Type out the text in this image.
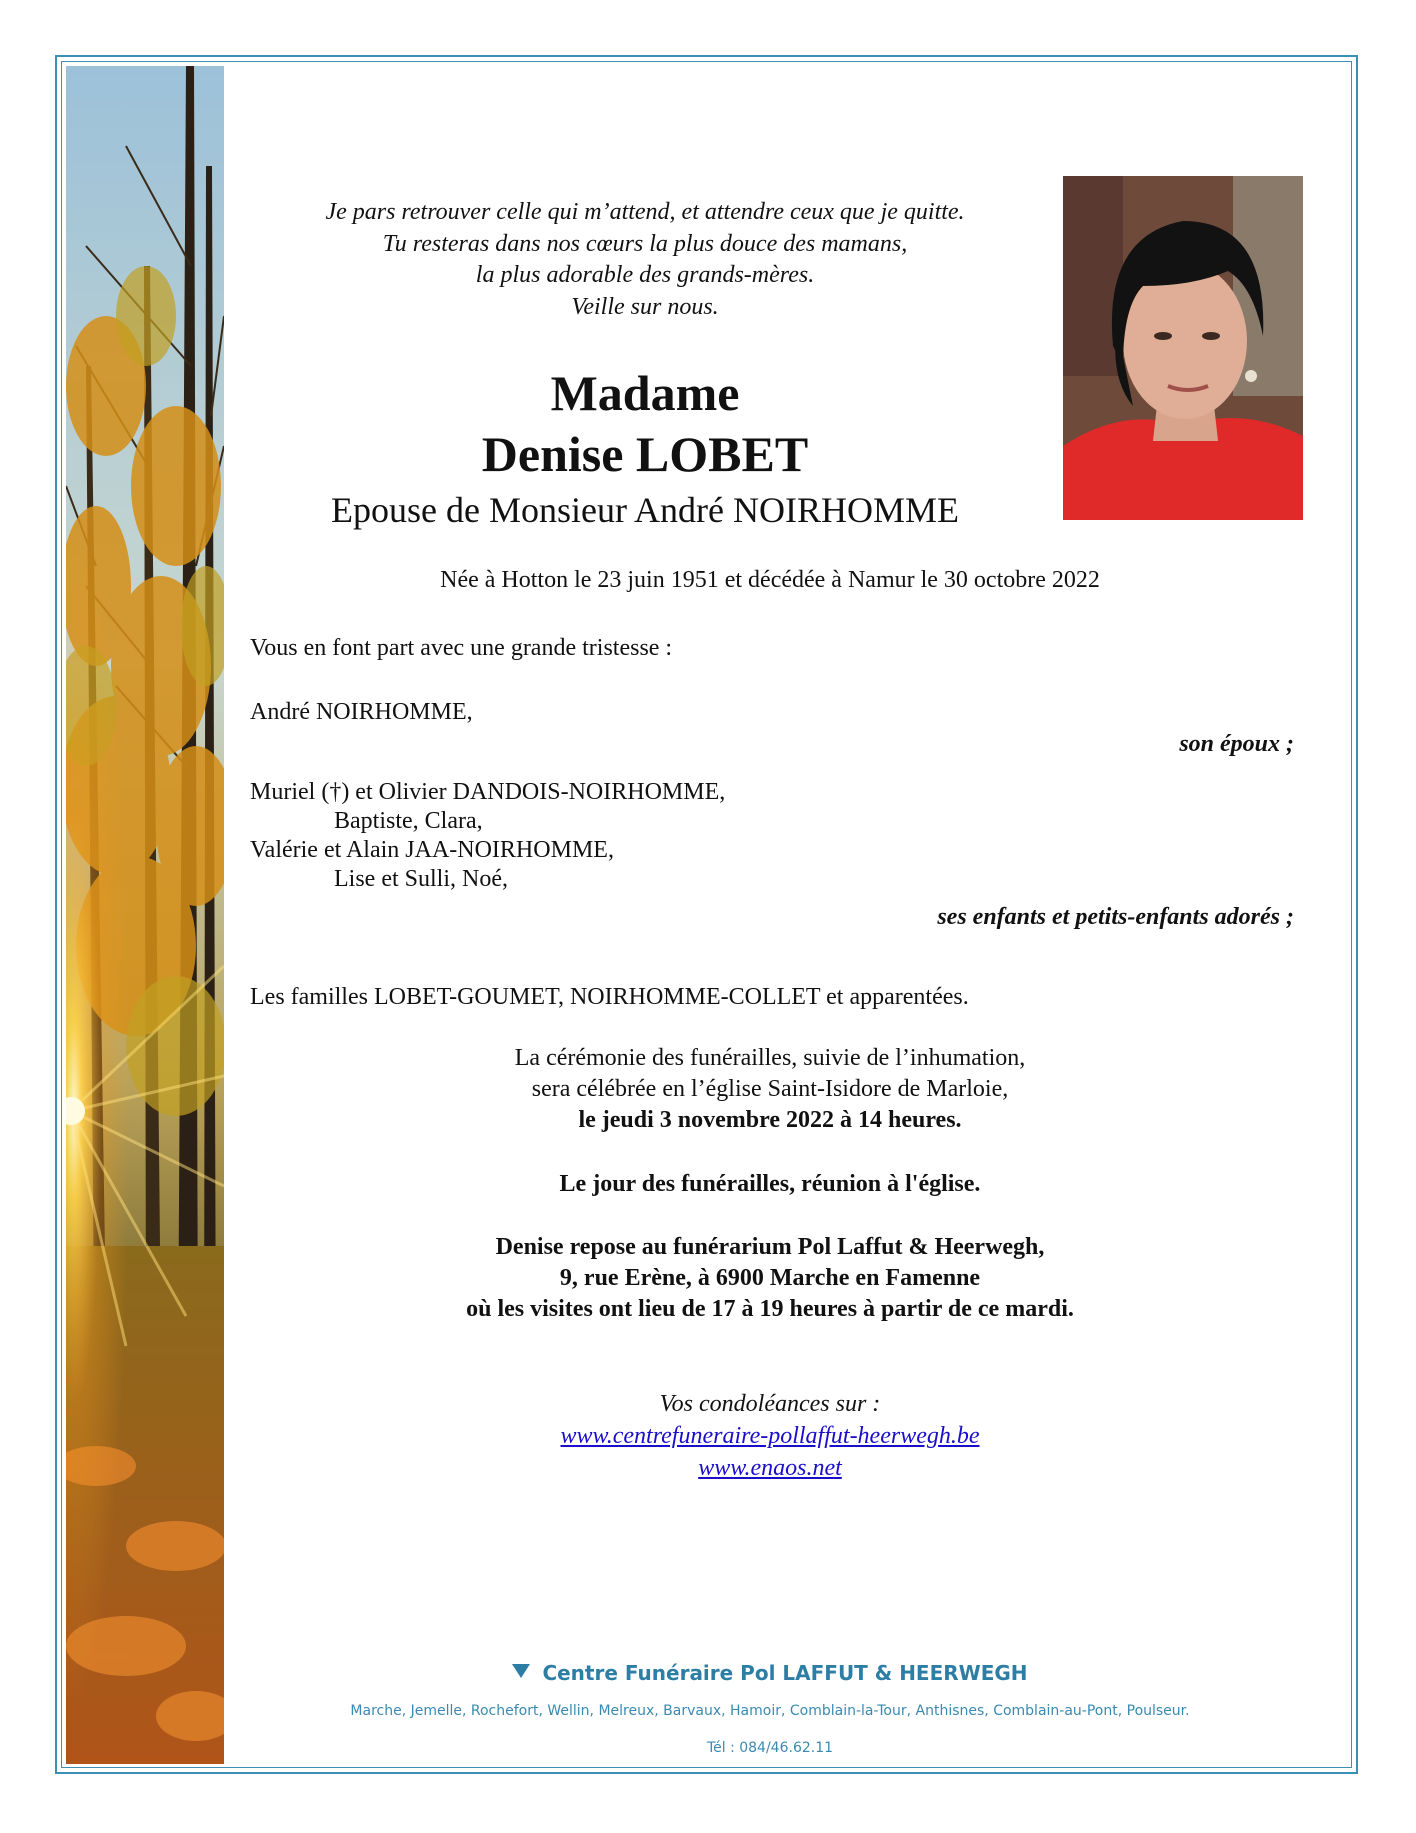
Je pars retrouver celle qui m’attend, et attendre ceux que je quitte.
Tu resteras dans nos cœurs la plus douce des mamans,
la plus adorable des grands-mères.
Veille sur nous.
Madame
Denise LOBET
Epouse de Monsieur André NOIRHOMME
Née à Hotton le 23 juin 1951 et décédée à Namur le 30 octobre 2022
Vous en font part avec une grande tristesse :
André NOIRHOMME,
son époux ;
Muriel (†) et Olivier DANDOIS-NOIRHOMME,
Baptiste, Clara,
Valérie et Alain JAA-NOIRHOMME,
Lise et Sulli, Noé,
ses enfants et petits-enfants adorés ;
Les familles LOBET-GOUMET, NOIRHOMME-COLLET et apparentées.
La cérémonie des funérailles, suivie de l’inhumation,
sera célébrée en l’église Saint-Isidore de Marloie,
le jeudi 3 novembre 2022 à 14 heures.
Le jour des funérailles, réunion à l'église.
Denise repose au funérarium Pol Laffut & Heerwegh,
9, rue Erène, à 6900 Marche en Famenne
où les visites ont lieu de 17 à 19 heures à partir de ce mardi.
Vos condoléances sur :
www.centrefuneraire-pollaffut-heerwegh.be
www.enaos.net
Centre Funéraire Pol LAFFUT & HEERWEGH
Marche, Jemelle, Rochefort, Wellin, Melreux, Barvaux, Hamoir, Comblain-la-Tour, Anthisnes, Comblain-au-Pont, Poulseur.
Tél : 084/46.62.11
